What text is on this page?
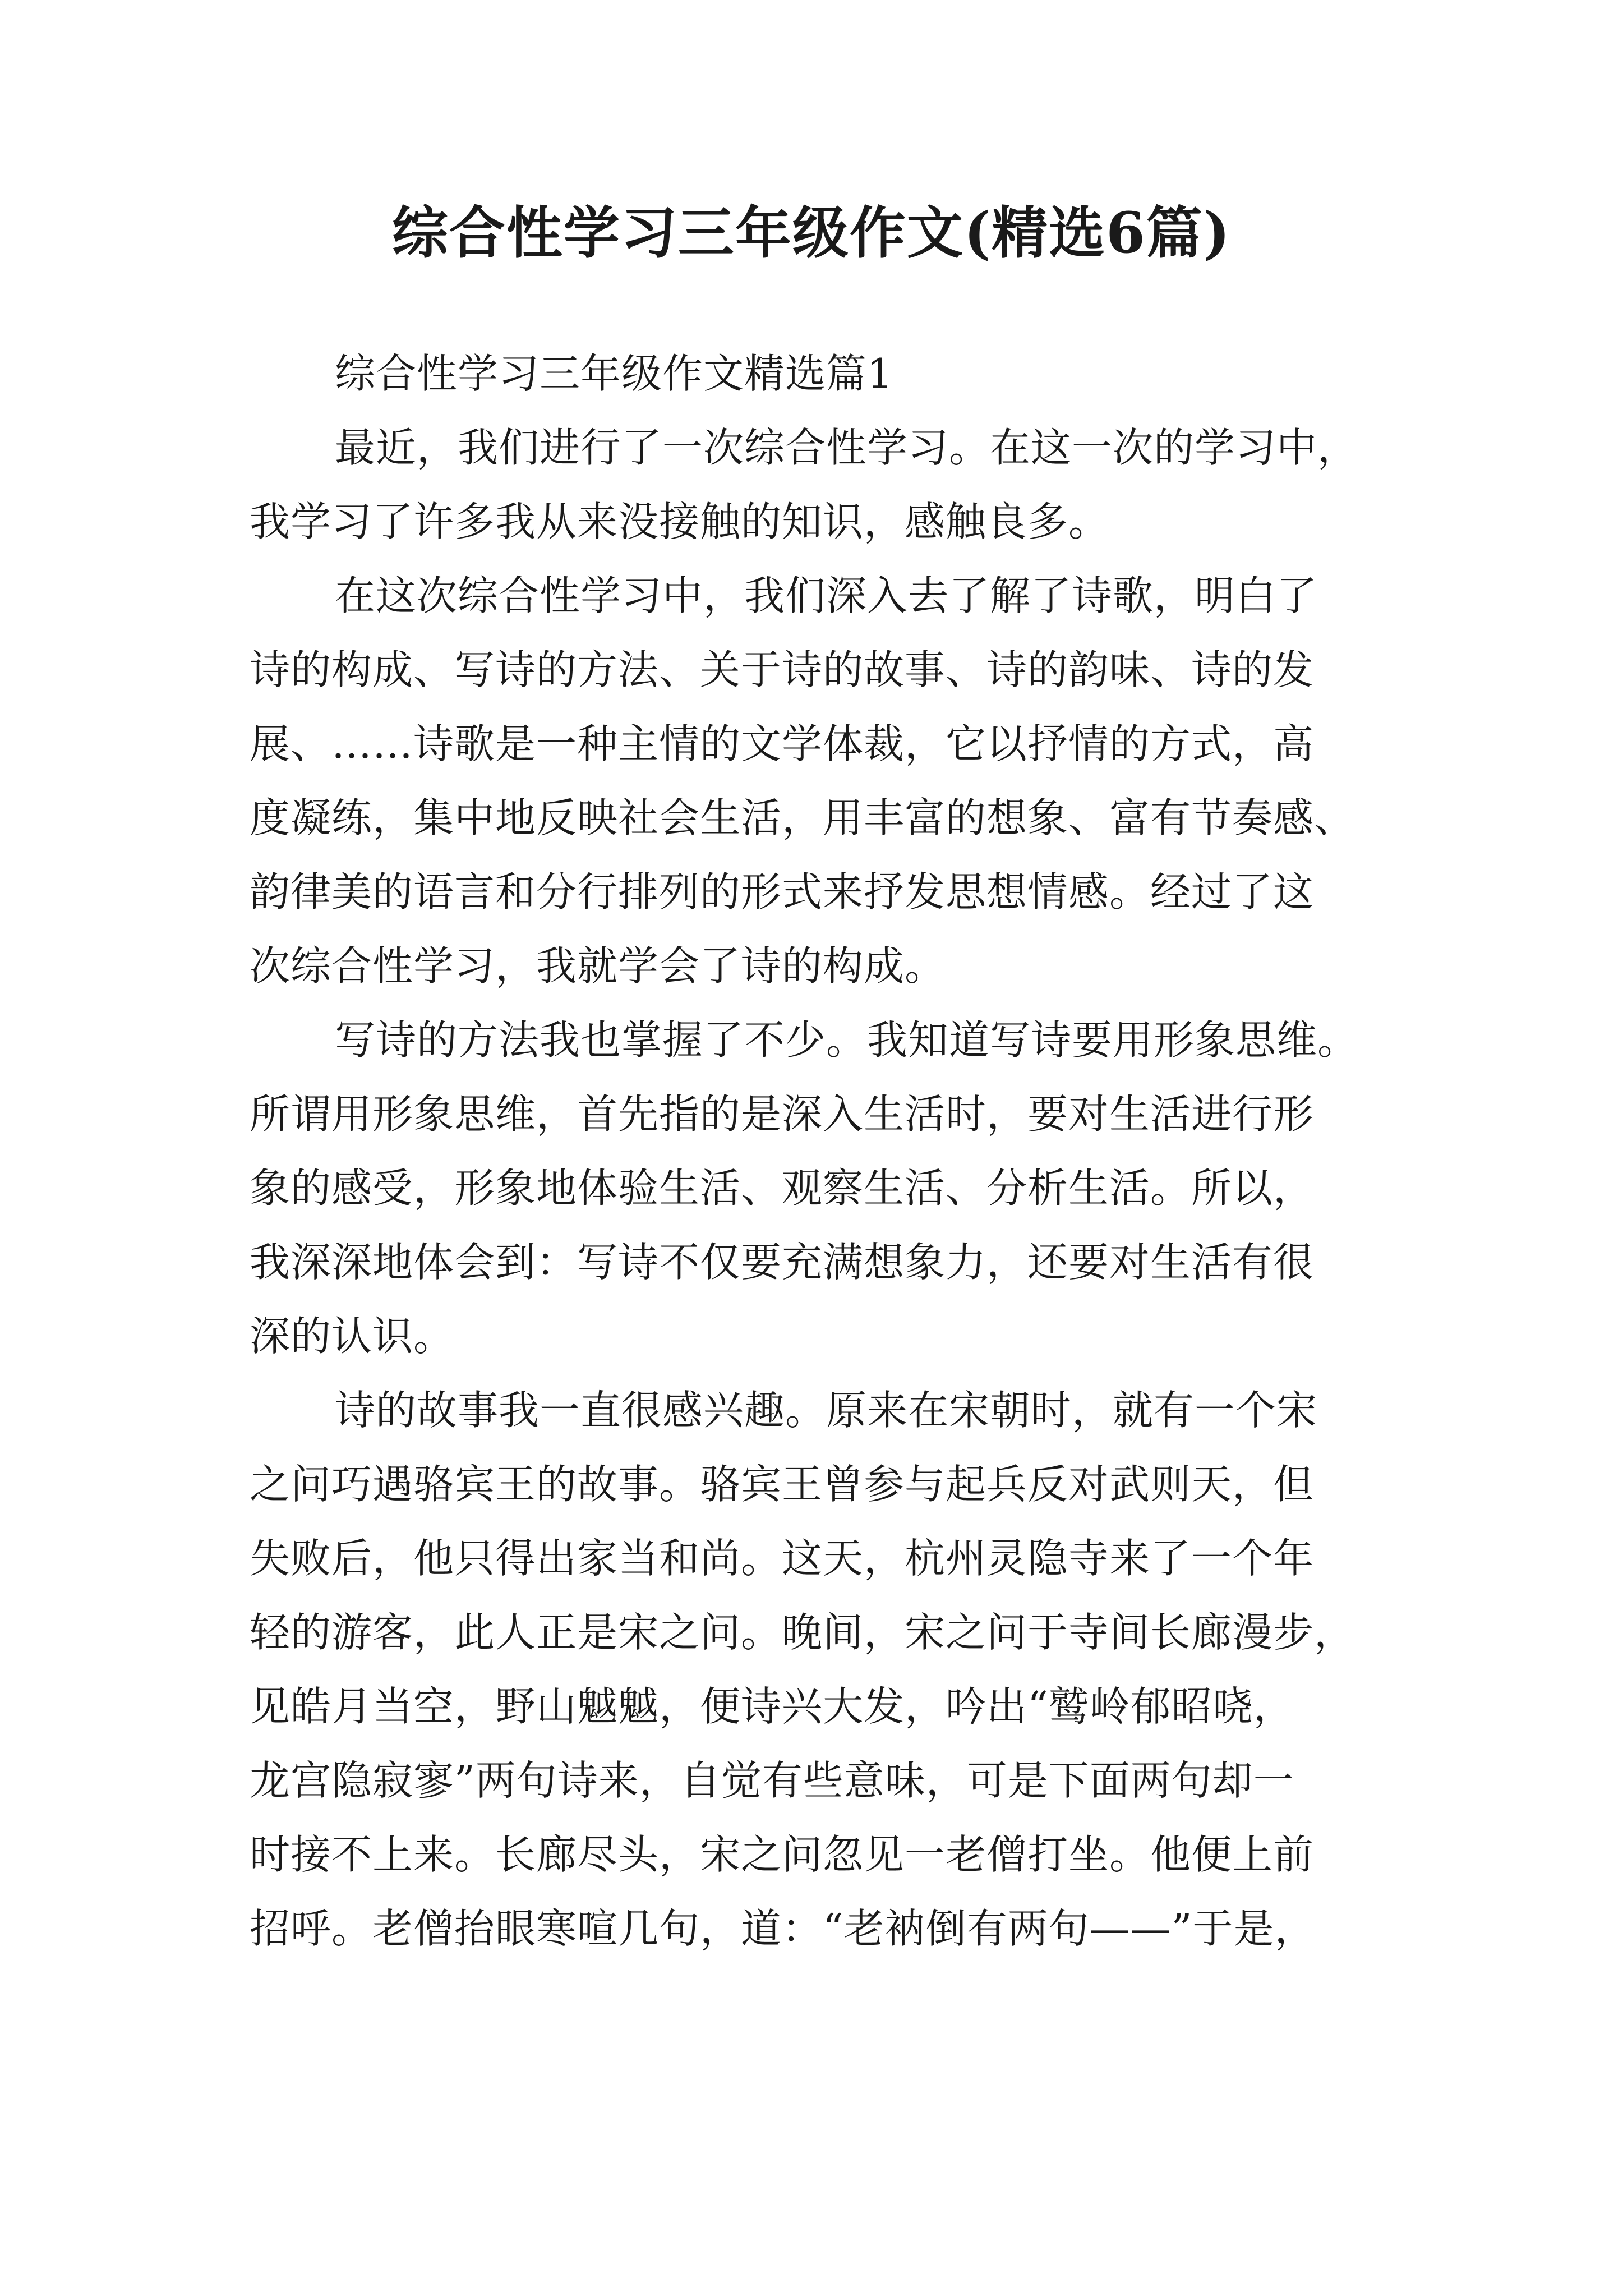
综合性学习三年级作文(精选6篇)
综合性学习三年级作文精选篇1
最近，我们进行了一次综合性学习。在这一次的学习中，
我学习了许多我从来没接触的知识，感触良多。
在这次综合性学习中，我们深入去了解了诗歌，明白了
诗的构成、写诗的方法、关于诗的故事、诗的韵味、诗的发
展、……诗歌是一种主情的文学体裁，它以抒情的方式，高
度凝练，集中地反映社会生活，用丰富的想象、富有节奏感、
韵律美的语言和分行排列的形式来抒发思想情感。经过了这
次综合性学习，我就学会了诗的构成。
写诗的方法我也掌握了不少。我知道写诗要用形象思维。
所谓用形象思维，首先指的是深入生活时，要对生活进行形
象的感受，形象地体验生活、观察生活、分析生活。所以，
我深深地体会到：写诗不仅要充满想象力，还要对生活有很
深的认识。
诗的故事我一直很感兴趣。原来在宋朝时，就有一个宋
之问巧遇骆宾王的故事。骆宾王曾参与起兵反对武则天，但
失败后，他只得出家当和尚。这天，杭州灵隐寺来了一个年
轻的游客，此人正是宋之问。晚间，宋之问于寺间长廊漫步，
见皓月当空，野山魆魆，便诗兴大发，吟出“鹫岭郁昭哓，
龙宫隐寂寥”两句诗来，自觉有些意味，可是下面两句却一
时接不上来。长廊尽头，宋之问忽见一老僧打坐。他便上前
招呼。老僧抬眼寒喧几句，道：“老衲倒有两句——”于是，
